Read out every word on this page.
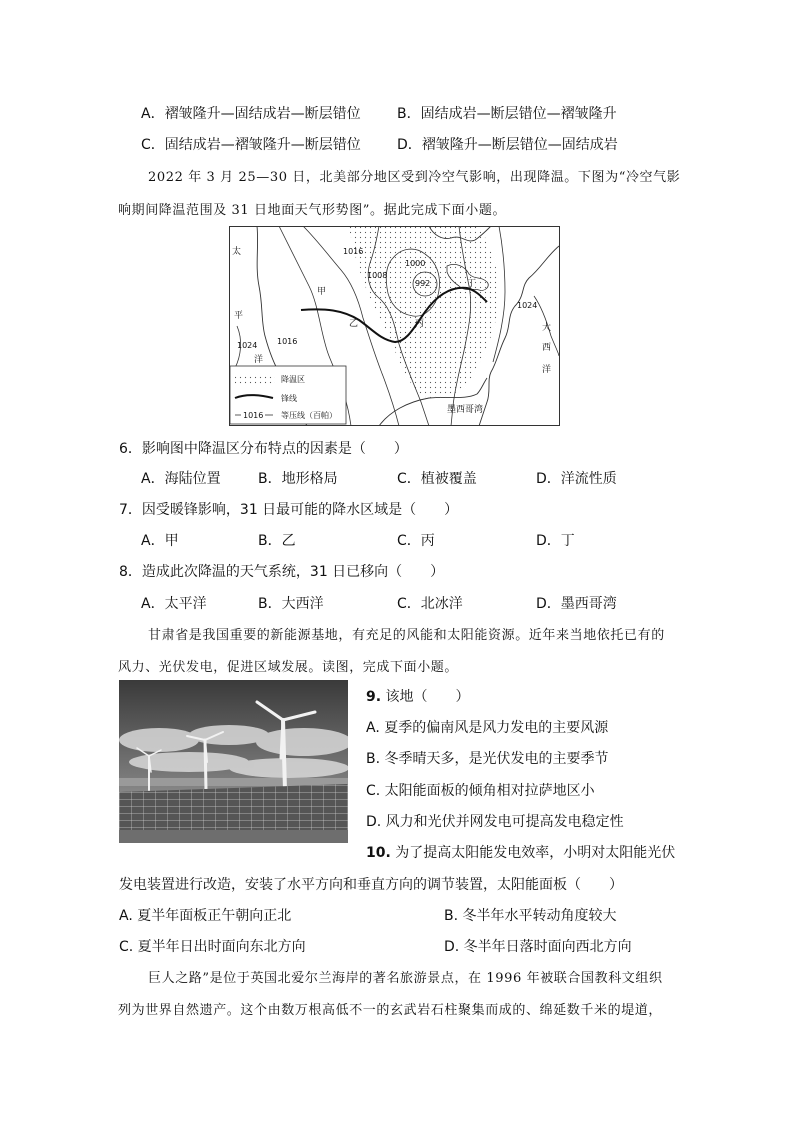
A．褶皱隆升—固结成岩—断层错位	B．固结成岩—断层错位—褶皱隆升
C．固结成岩—褶皱隆升—断层错位	D．褶皱隆升—断层错位—固结成岩
2022 年 3 月 25—30 日，北美部分地区受到冷空气影响，出现降温。下图为“冷空气影
响期间降温范围及 31 日地面天气形势图”。据此完成下面小题。
太
平
洋
大
西
洋
墨西哥湾
甲
乙	丙
丁
1016
1008
1000
992
1024 1016
1024
降温区
锋线
1016 等压线（百帕）
6．影响图中降温区分布特点的因素是（　　）
A．海陆位置	B．地形格局	C．植被覆盖	D．洋流性质
7．因受暖锋影响，31 日最可能的降水区域是（　　）
A．甲	B．乙	C．丙	D．丁
8．造成此次降温的天气系统，31 日已移向（　　）
A．太平洋	B．大西洋	C．北冰洋	D．墨西哥湾
甘肃省是我国重要的新能源基地，有充足的风能和太阳能资源。近年来当地依托已有的
风力、光伏发电，促进区域发展。读图，完成下面小题。
9. 该地（　　）
A. 夏季的偏南风是风力发电的主要风源
B. 冬季晴天多，是光伏发电的主要季节
C. 太阳能面板的倾角相对拉萨地区小
D. 风力和光伏并网发电可提高发电稳定性
10. 为了提高太阳能发电效率，小明对太阳能光伏
发电装置进行改造，安装了水平方向和垂直方向的调节装置，太阳能面板（　　）
A. 夏半年面板正午朝向正北	B. 冬半年水平转动角度较大
C. 夏半年日出时面向东北方向	D. 冬半年日落时面向西北方向
巨人之路”是位于英国北爱尔兰海岸的著名旅游景点，在 1996 年被联合国教科文组织
列为世界自然遗产。这个由数万根高低不一的玄武岩石柱聚集而成的、绵延数千米的堤道，
